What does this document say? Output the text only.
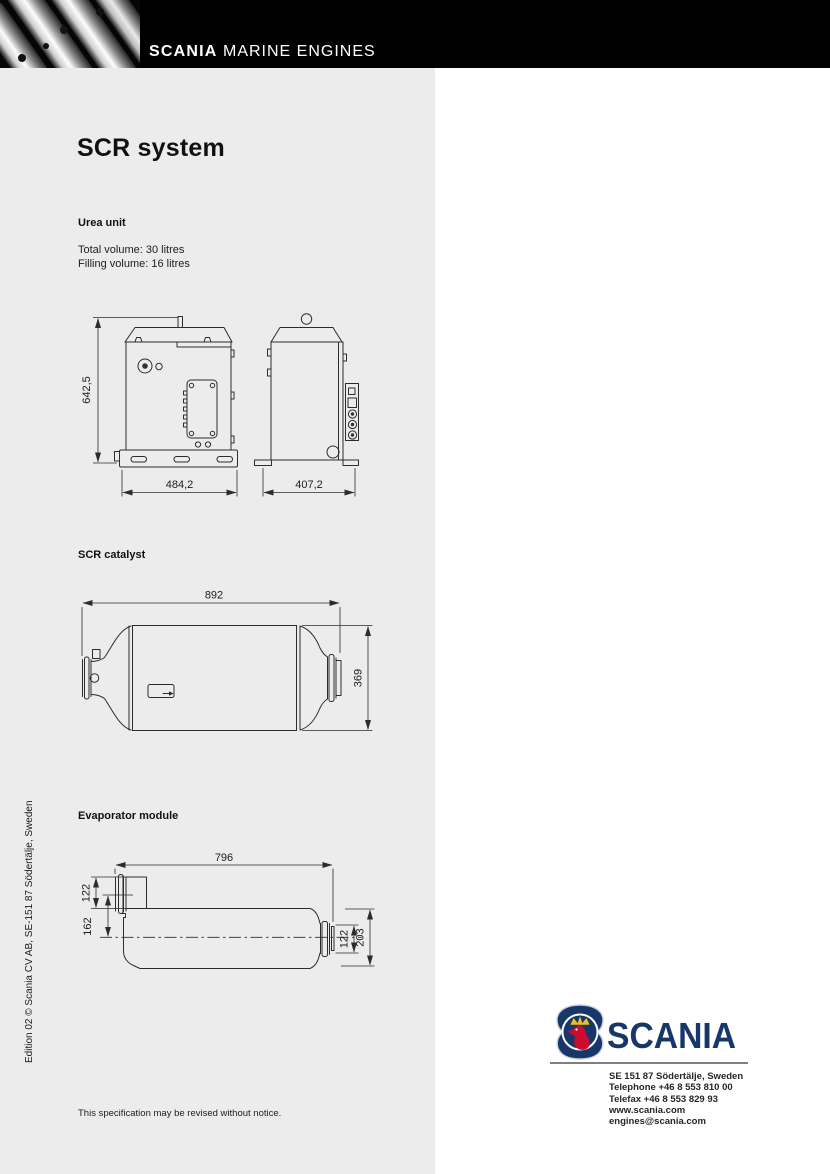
SCANIA MARINE ENGINES
SCR system
Urea unit
Total volume: 30 litres
Filling volume: 16 litres
642,5
484,2	407,2
SCR catalyst
892
369
Evaporator module
796
122
162
122 203
Edition 02 © Scania CV AB, SE-151 87 Södertälje, Sweden
This specification may be revised without notice.
SCANIA
SE 151 87 Södertälje, Sweden
Telephone +46 8 553 810 00
Telefax +46 8 553 829 93
www.scania.com
engines@scania.com
